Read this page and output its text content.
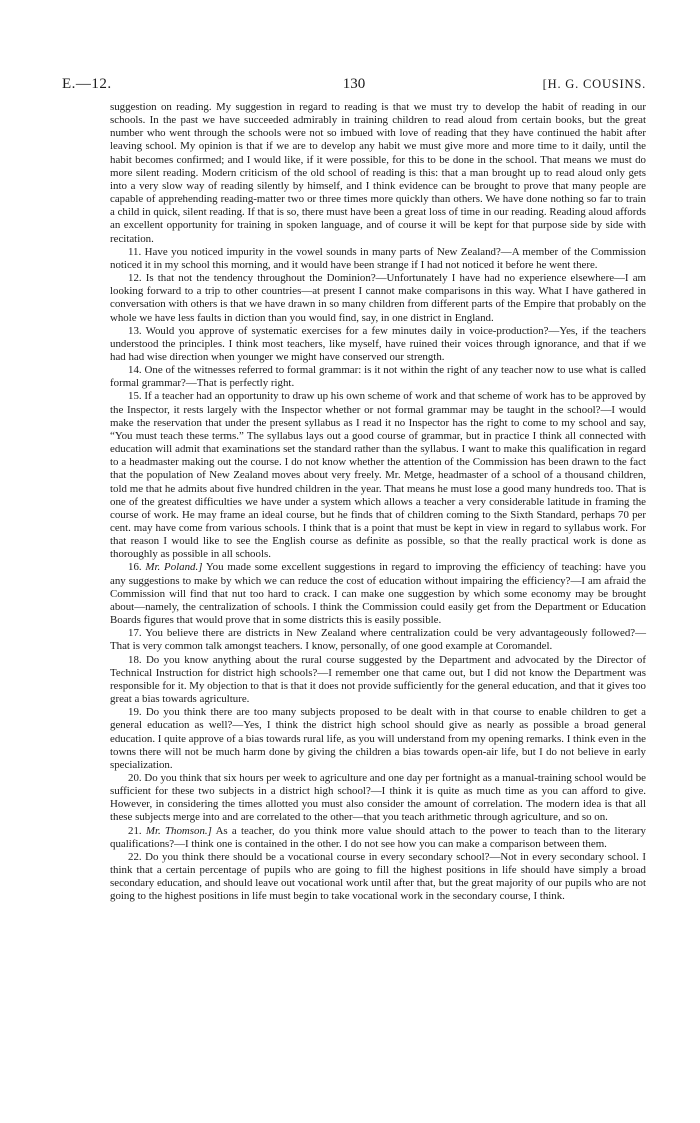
E.—12.	130	[H. G. COUSINS.

suggestion on reading. My suggestion in regard to reading is that we must try to develop the habit of reading in our schools. In the past we have succeeded admirably in training children to read aloud from certain books, but the great number who went through the schools were not so imbued with love of reading that they have continued the habit after leaving school. My opinion is that if we are to develop any habit we must give more and more time to it daily, until the habit becomes confirmed; and I would like, if it were possible, for this to be done in the school. That means we must do more silent reading. Modern criticism of the old school of reading is this: that a man brought up to read aloud only gets into a very slow way of reading silently by himself, and I think evidence can be brought to prove that many people are capable of apprehending reading-matter two or three times more quickly than others. We have done nothing so far to train a child in quick, silent reading. If that is so, there must have been a great loss of time in our reading. Reading aloud affords an excellent opportunity for training in spoken language, and of course it will be kept for that purpose side by side with recitation.

11. Have you noticed impurity in the vowel sounds in many parts of New Zealand?—A member of the Commission noticed it in my school this morning, and it would have been strange if I had not noticed it before he went there.

12. Is that not the tendency throughout the Dominion?—Unfortunately I have had no experience elsewhere—I am looking forward to a trip to other countries—at present I cannot make comparisons in this way. What I have gathered in conversation with others is that we have drawn in so many children from different parts of the Empire that probably on the whole we have less faults in diction than you would find, say, in one district in England.

13. Would you approve of systematic exercises for a few minutes daily in voice-production?—Yes, if the teachers understood the principles. I think most teachers, like myself, have ruined their voices through ignorance, and that if we had had wise direction when younger we might have conserved our strength.

14. One of the witnesses referred to formal grammar: is it not within the right of any teacher now to use what is called formal grammar?—That is perfectly right.

15. If a teacher had an opportunity to draw up his own scheme of work and that scheme of work has to be approved by the Inspector, it rests largely with the Inspector whether or not formal grammar may be taught in the school?—I would make the reservation that under the present syllabus as I read it no Inspector has the right to come to my school and say, “You must teach these terms.” The syllabus lays out a good course of grammar, but in practice I think all connected with education will admit that examinations set the standard rather than the syllabus. I want to make this qualification in regard to a headmaster making out the course. I do not know whether the attention of the Commission has been drawn to the fact that the population of New Zealand moves about very freely. Mr. Metge, headmaster of a school of a thousand children, told me that he admits about five hundred children in the year. That means he must lose a good many hundreds too. That is one of the greatest difficulties we have under a system which allows a teacher a very considerable latitude in framing the course of work. He may frame an ideal course, but he finds that of children coming to the Sixth Standard, perhaps 70 per cent. may have come from various schools. I think that is a point that must be kept in view in regard to syllabus work. For that reason I would like to see the English course as definite as possible, so that the really practical work is done as thoroughly as possible in all schools.

16. Mr. Poland.] You made some excellent suggestions in regard to improving the efficiency of teaching: have you any suggestions to make by which we can reduce the cost of education without impairing the efficiency?—I am afraid the Commission will find that nut too hard to crack. I can make one suggestion by which some economy may be brought about—namely, the centralization of schools. I think the Commission could easily get from the Department or Education Boards figures that would prove that in some districts this is easily possible.

17. You believe there are districts in New Zealand where centralization could be very advantageously followed?—That is very common talk amongst teachers. I know, personally, of one good example at Coromandel.

18. Do you know anything about the rural course suggested by the Department and advocated by the Director of Technical Instruction for district high schools?—I remember one that came out, but I did not know the Department was responsible for it. My objection to that is that it does not provide sufficiently for the general education, and that it gives too great a bias towards agriculture.

19. Do you think there are too many subjects proposed to be dealt with in that course to enable children to get a general education as well?—Yes, I think the district high school should give as nearly as possible a broad general education. I quite approve of a bias towards rural life, as you will understand from my opening remarks. I think even in the towns there will not be much harm done by giving the children a bias towards open-air life, but I do not believe in early specialization.

20. Do you think that six hours per week to agriculture and one day per fortnight as a manual-training school would be sufficient for these two subjects in a district high school?—I think it is quite as much time as you can afford to give. However, in considering the times allotted you must also consider the amount of correlation. The modern idea is that all these subjects merge into and are correlated to the other—that you teach arithmetic through agriculture, and so on.

21. Mr. Thomson.] As a teacher, do you think more value should attach to the power to teach than to the literary qualifications?—I think one is contained in the other. I do not see how you can make a comparison between them.

22. Do you think there should be a vocational course in every secondary school?—Not in every secondary school. I think that a certain percentage of pupils who are going to fill the highest positions in life should have simply a broad secondary education, and should leave out vocational work until after that, but the great majority of our pupils who are not going to the highest positions in life must begin to take vocational work in the secondary course, I think.
